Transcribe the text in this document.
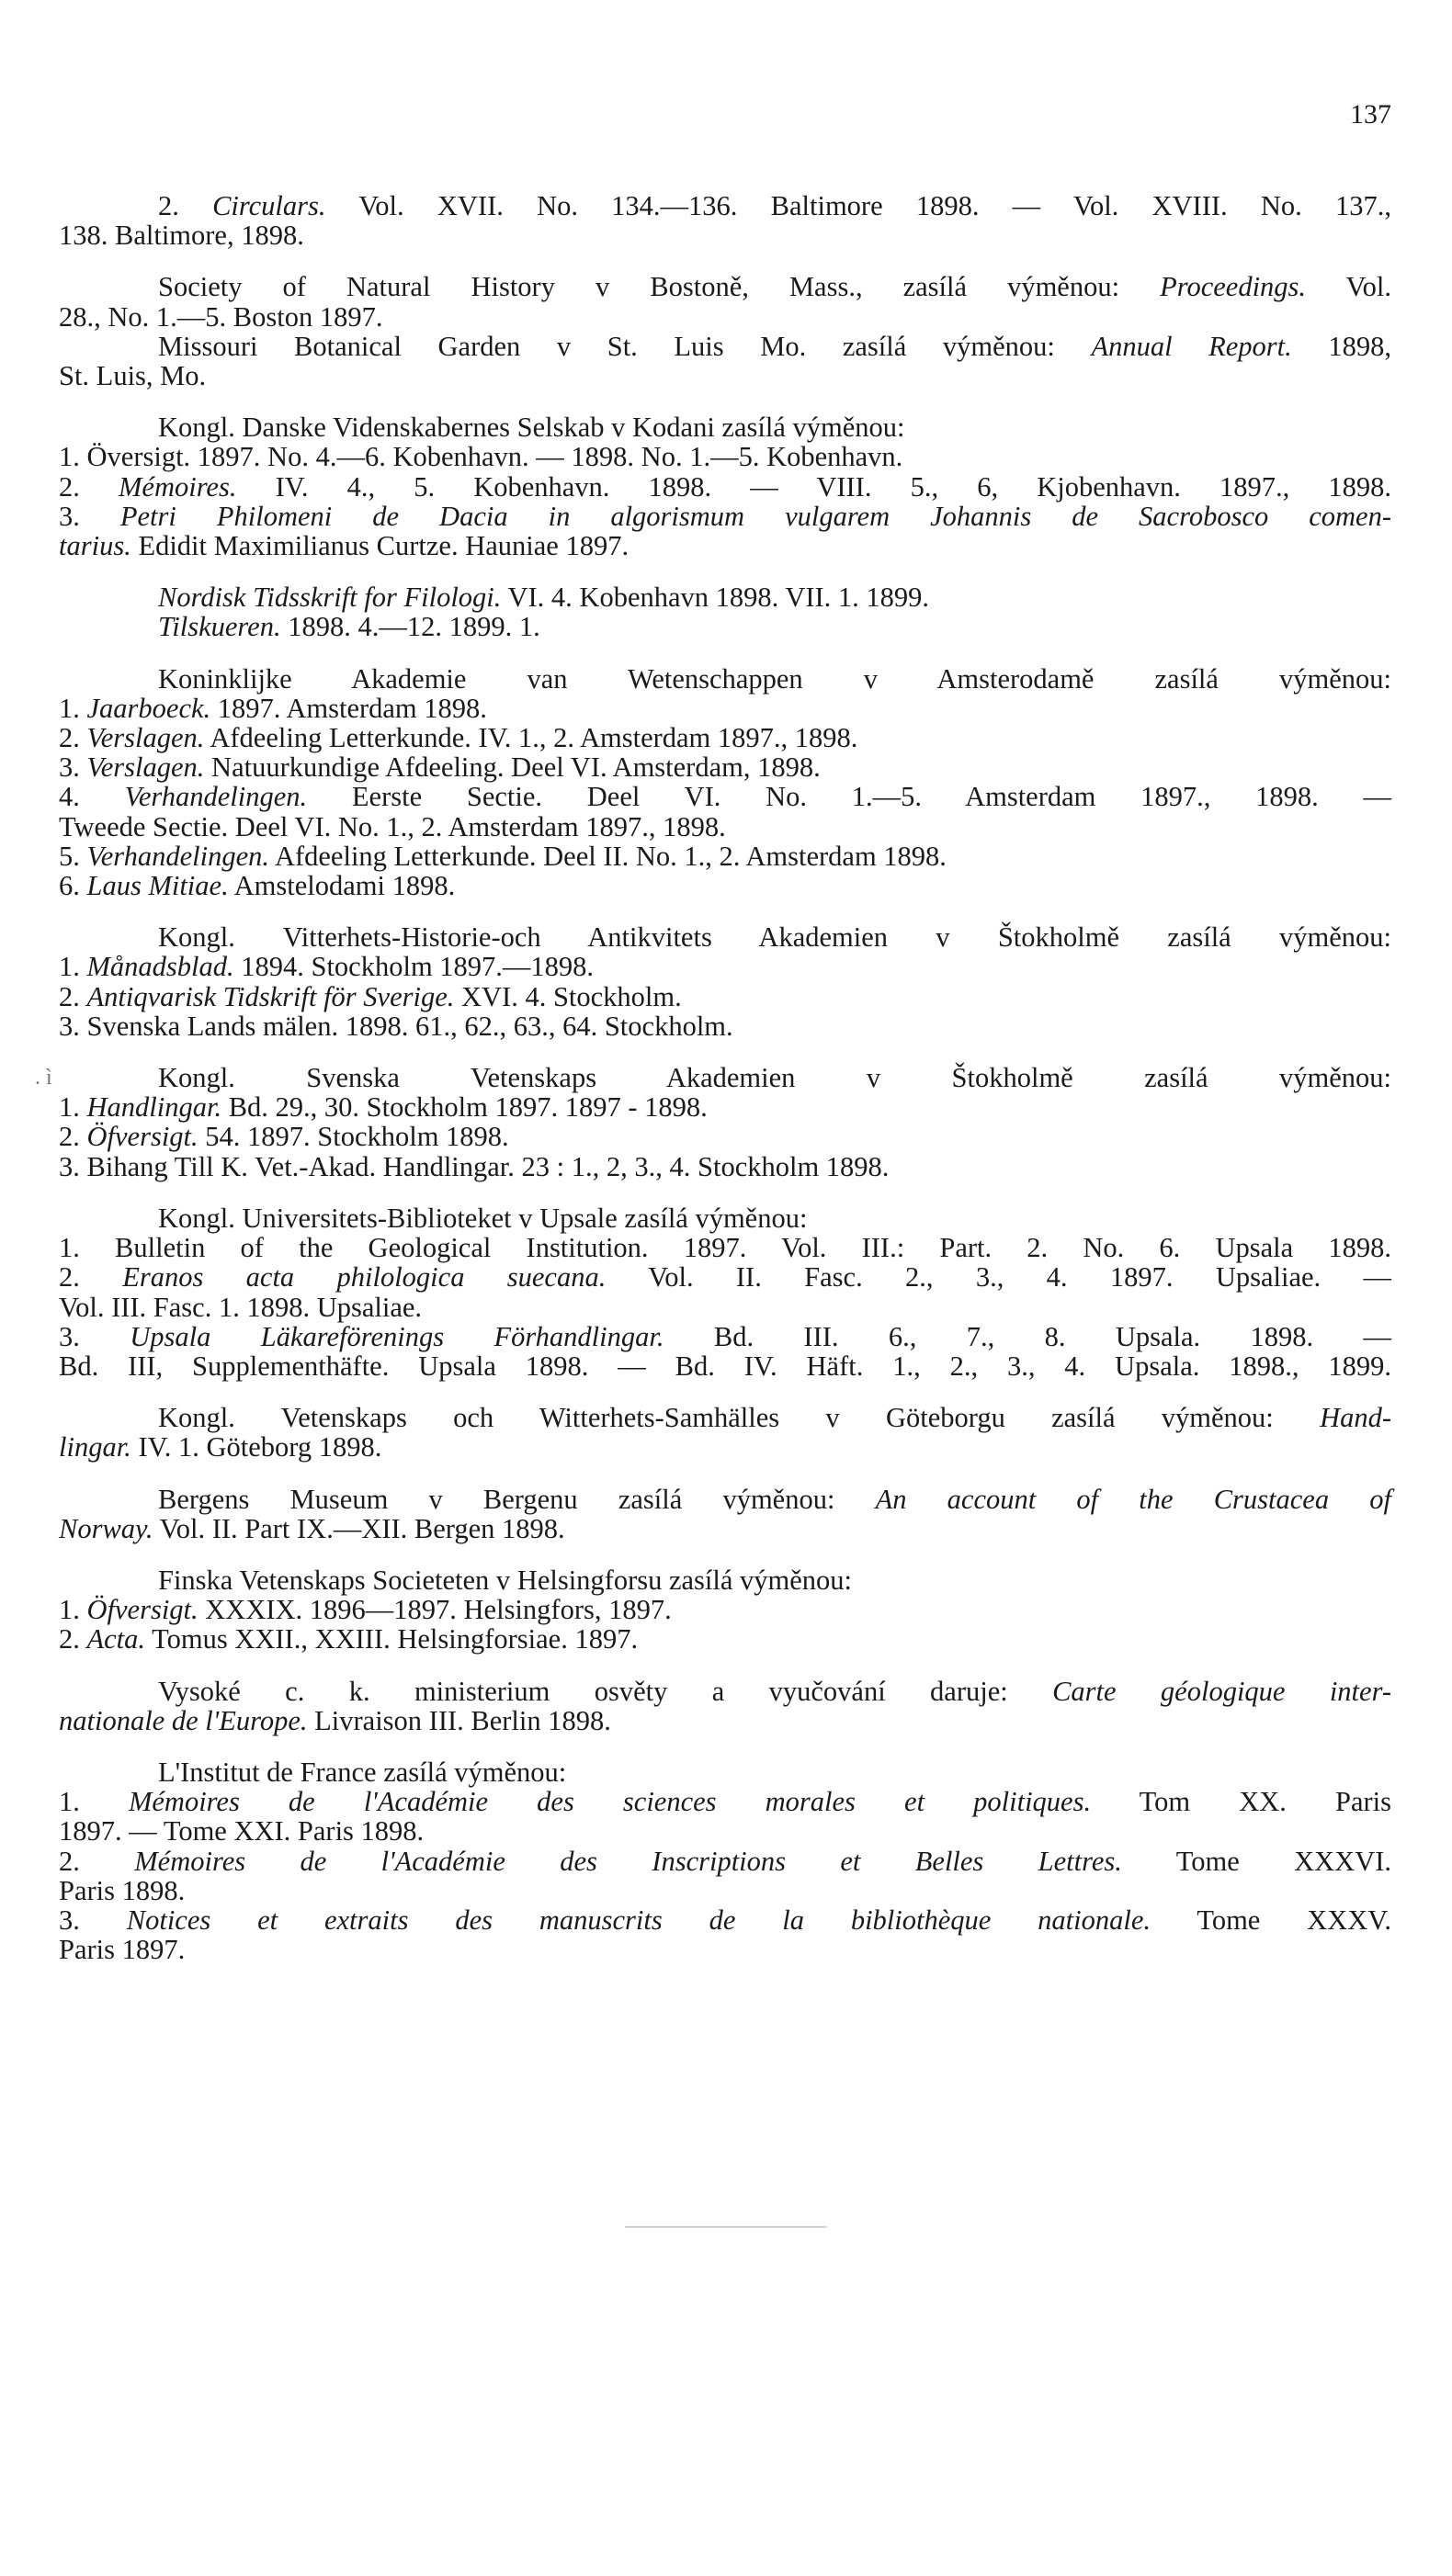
137
2. Circulars. Vol. XVII. No. 134.—136. Baltimore 1898. — Vol. XVIII. No. 137.,
138. Baltimore, 1898.
Society of Natural History v Bostoně, Mass., zasílá výměnou: Proceedings. Vol.
28., No. 1.—5. Boston 1897.
Missouri Botanical Garden v St. Luis Mo. zasílá výměnou: Annual Report. 1898,
St. Luis, Mo.
Kongl. Danske Videnskabernes Selskab v Kodani zasílá výměnou:
1. Översigt. 1897. No. 4.—6. Kobenhavn. — 1898. No. 1.—5. Kobenhavn.
2. Mémoires. IV. 4., 5. Kobenhavn. 1898. — VIII. 5., 6, Kjobenhavn. 1897., 1898.
3. Petri Philomeni de Dacia in algorismum vulgarem Johannis de Sacrobosco comen-
tarius. Edidit Maximilianus Curtze. Hauniae 1897.
Nordisk Tidsskrift for Filologi. VI. 4. Kobenhavn 1898. VII. 1. 1899.
Tilskueren. 1898. 4.—12. 1899. 1.
Koninklijke Akademie van Wetenschappen v Amsterodamě zasílá výměnou:
1. Jaarboeck. 1897. Amsterdam 1898.
2. Verslagen. Afdeeling Letterkunde. IV. 1., 2. Amsterdam 1897., 1898.
3. Verslagen. Natuurkundige Afdeeling. Deel VI. Amsterdam, 1898.
4. Verhandelingen. Eerste Sectie. Deel VI. No. 1.—5. Amsterdam 1897., 1898. —
Tweede Sectie. Deel VI. No. 1., 2. Amsterdam 1897., 1898.
5. Verhandelingen. Afdeeling Letterkunde. Deel II. No. 1., 2. Amsterdam 1898.
6. Laus Mitiae. Amstelodami 1898.
Kongl. Vitterhets-Historie-och Antikvitets Akademien v Štokholmě zasílá výměnou:
1. Månadsblad. 1894. Stockholm 1897.—1898.
2. Antiqvarisk Tidskrift för Sverige. XVI. 4. Stockholm.
3. Svenska Lands mälen. 1898. 61., 62., 63., 64. Stockholm.
. ì	Kongl. Svenska Vetenskaps Akademien v Štokholmě zasílá výměnou:
1. Handlingar. Bd. 29., 30. Stockholm 1897. 1897 - 1898.
2. Öfversigt. 54. 1897. Stockholm 1898.
3. Bihang Till K. Vet.-Akad. Handlingar. 23 : 1., 2, 3., 4. Stockholm 1898.
Kongl. Universitets-Biblioteket v Upsale zasílá výměnou:
1. Bulletin of the Geological Institution. 1897. Vol. III.: Part. 2. No. 6. Upsala 1898.
2. Eranos acta philologica suecana. Vol. II. Fasc. 2., 3., 4. 1897. Upsaliae. —
Vol. III. Fasc. 1. 1898. Upsaliae.
3. Upsala Läkareförenings Förhandlingar. Bd. III. 6., 7., 8. Upsala. 1898. —
Bd. III, Supplementhäfte. Upsala 1898. — Bd. IV. Häft. 1., 2., 3., 4. Upsala. 1898., 1899.
Kongl. Vetenskaps och Witterhets-Samhälles v Göteborgu zasílá výměnou: Hand-
lingar. IV. 1. Göteborg 1898.
Bergens Museum v Bergenu zasílá výměnou: An account of the Crustacea of
Norway. Vol. II. Part IX.—XII. Bergen 1898.
Finska Vetenskaps Societeten v Helsingforsu zasílá výměnou:
1. Öfversigt. XXXIX. 1896—1897. Helsingfors, 1897.
2. Acta. Tomus XXII., XXIII. Helsingforsiae. 1897.
Vysoké c. k. ministerium osvěty a vyučování daruje: Carte géologique inter-
nationale de l'Europe. Livraison III. Berlin 1898.
L'Institut de France zasílá výměnou:
1. Mémoires de l'Académie des sciences morales et politiques. Tom XX. Paris
1897. — Tome XXI. Paris 1898.
2. Mémoires de l'Académie des Inscriptions et Belles Lettres. Tome XXXVI.
Paris 1898.
3. Notices et extraits des manuscrits de la bibliothèque nationale. Tome XXXV.
Paris 1897.
